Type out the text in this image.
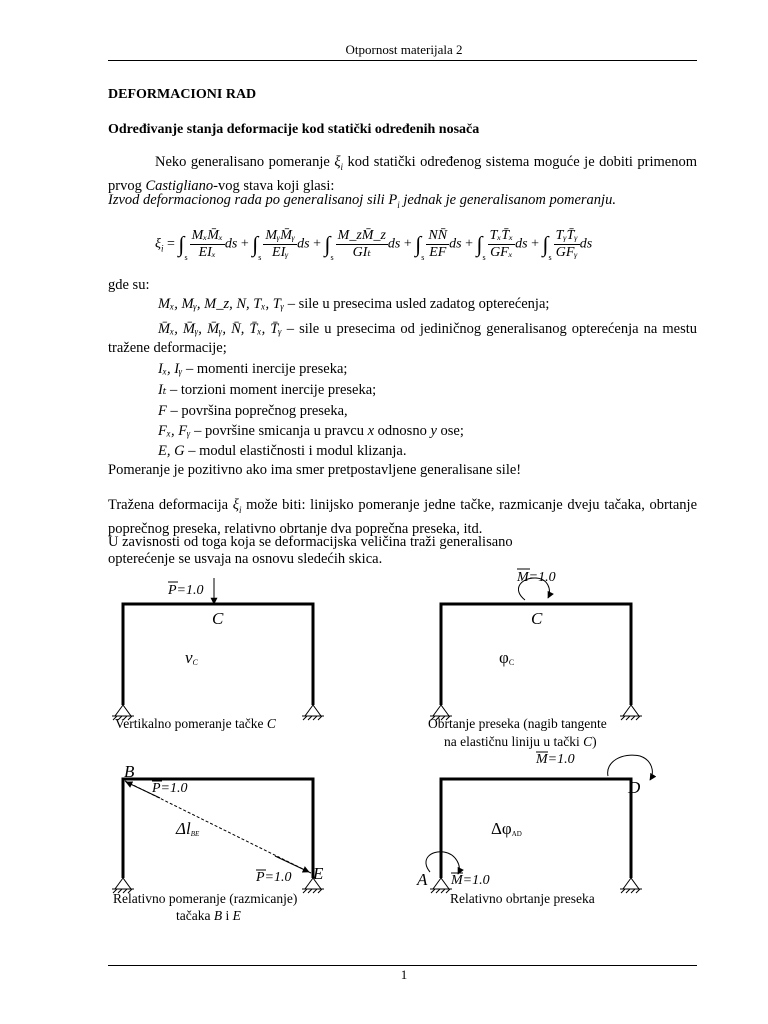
Otpornost materijala 2
DEFORMACIONI RAD
Određivanje stanja deformacije kod statički određenih nosača
Neko generalisano pomeranje $\xi_i$ kod statički određenog sistema moguće je dobiti primenom prvog Castigliano-vog stava koji glasi:
Izvod deformacionog rada po generalisanoj sili $P_i$ jednak je generalisanom pomeranju.
$\xi_i = \int_s \frac{\text{MₓM̄ₓ}}{\text{EIₓ}}$ ds + $\int_s \frac{\text{MᵧM̄ᵧ}}{\text{EIᵧ}}$ ds + $\int_s \frac{M\_zM̄\_z}{\text{GIₜ}}$ ds + $\int_s \frac{NN̄}{EF}$ ds + $\int_s \frac{\text{TₓT̄ₓ}}{\text{GFₓ}}$ ds + $\int_s \frac{\text{TᵧT̄ᵧ}}{\text{GFᵧ}}$ ds
gde su:
Mₓ, Mᵧ, M_z, N, Tₓ, Tᵧ – sile u presecima usled zadatog opterećenja;
M̄ₓ, M̄ᵧ, M̄ᵧ, N̄, T̄ₓ, T̄ᵧ – sile u presecima od jediničnog generalisanog opterećenja na mestu tražene deformacije;
Iₓ, Iᵧ – momenti inercije preseka;
Iₜ – torzioni moment inercije preseka;
F – površina poprečnog preseka,
Fₓ, Fᵧ – površine smicanja u pravcu x odnosno y ose;
E, G – modul elastičnosti i modul klizanja.
Pomeranje je pozitivno ako ima smer pretpostavljene generalisane sile!
Tražena deformacija $\xi_i$ može biti: linijsko pomeranje jedne tačke, razmicanje dveju tačaka, obrtanje poprečnog preseka, relativno obrtanje dva poprečna preseka, itd.
U zavisnosti od toga koja se deformacijska veličina traži generalisano opterećenje se usvaja na osnovu sledećih skica.
P=1.0
C
vC
M=1.0
C
φC
B
E
P=1.0
P=1.0
ΔlBE
M=1.0
M=1.0
D
A
ΔφAD
Vertikalno pomeranje tačke C	Obrtanje preseka (nagib tangente
na elastičnu liniju u tački C)
Relativno pomeranje (razmicanje)
tačaka B i E
Relativno obrtanje preseka
1
